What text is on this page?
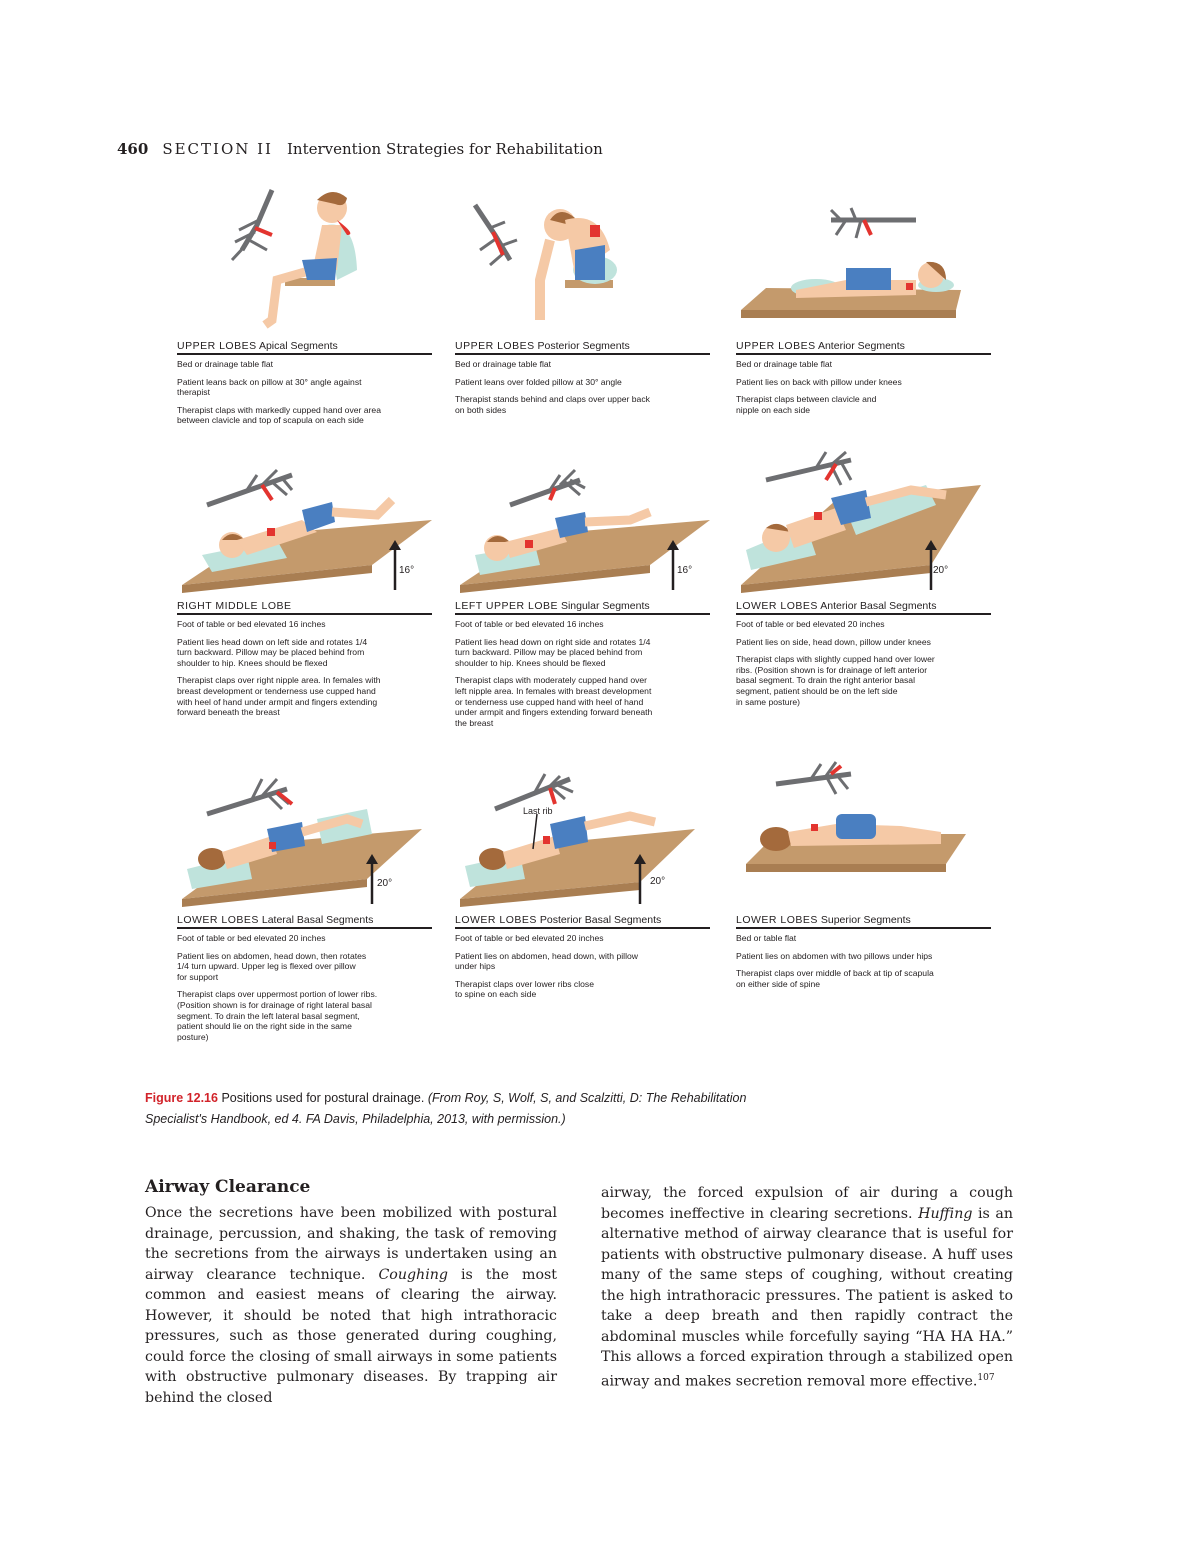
460 SECTION II Intervention Strategies for Rehabilitation
UPPER LOBES Apical Segments
Bed or drainage table flat
Patient leans back on pillow at 30° angle against
therapist
Therapist claps with markedly cupped hand over area
between clavicle and top of scapula on each side
UPPER LOBES Posterior Segments
Bed or drainage table flat
Patient leans over folded pillow at 30° angle
Therapist stands behind and claps over upper back
on both sides
UPPER LOBES Anterior Segments
Bed or drainage table flat
Patient lies on back with pillow under knees
Therapist claps between clavicle and
nipple on each side
16°
RIGHT MIDDLE LOBE
Foot of table or bed elevated 16 inches
Patient lies head down on left side and rotates 1/4
turn backward. Pillow may be placed behind from
shoulder to hip. Knees should be flexed
Therapist claps over right nipple area. In females with
breast development or tenderness use cupped hand
with heel of hand under armpit and fingers extending
forward beneath the breast
16°
LEFT UPPER LOBE Singular Segments
Foot of table or bed elevated 16 inches
Patient lies head down on right side and rotates 1/4
turn backward. Pillow may be placed behind from
shoulder to hip. Knees should be flexed
Therapist claps with moderately cupped hand over
left nipple area. In females with breast development
or tenderness use cupped hand with heel of hand
under armpit and fingers extending forward beneath
the breast
20°
LOWER LOBES Anterior Basal Segments
Foot of table or bed elevated 20 inches
Patient lies on side, head down, pillow under knees
Therapist claps with slightly cupped hand over lower
ribs. (Position shown is for drainage of left anterior
basal segment. To drain the right anterior basal
segment, patient should be on the left side
in same posture)
20°
LOWER LOBES Lateral Basal Segments
Foot of table or bed elevated 20 inches
Patient lies on abdomen, head down, then rotates
1/4 turn upward. Upper leg is flexed over pillow
for support
Therapist claps over uppermost portion of lower ribs.
(Position shown is for drainage of right lateral basal
segment. To drain the left lateral basal segment,
patient should lie on the right side in the same
posture)
Last rib
20°
LOWER LOBES Posterior Basal Segments
Foot of table or bed elevated 20 inches
Patient lies on abdomen, head down, with pillow
under hips
Therapist claps over lower ribs close
to spine on each side
LOWER LOBES Superior Segments
Bed or table flat
Patient lies on abdomen with two pillows under hips
Therapist claps over middle of back at tip of scapula
on either side of spine
Figure 12.16 Positions used for postural drainage. (From Roy, S, Wolf, S, and Scalzitti, D: The Rehabilitation Specialist's Handbook, ed 4. FA Davis, Philadelphia, 2013, with permission.)
Airway Clearance
Once the secretions have been mobilized with postural drainage, percussion, and shaking, the task of removing the secretions from the airways is undertaken using an airway clearance technique. Coughing is the most common and easiest means of clearing the airway. However, it should be noted that high intrathoracic pressures, such as those generated during coughing, could force the closing of small airways in some patients with obstructive pulmonary diseases. By trapping air behind the closed
airway, the forced expulsion of air during a cough becomes ineffective in clearing secretions. Huffing is an alternative method of airway clearance that is useful for patients with obstructive pulmonary disease. A huff uses many of the same steps of coughing, without creating the high intrathoracic pressures. The patient is asked to take a deep breath and then rapidly contract the abdominal muscles while forcefully saying “HA HA HA.” This allows a forced expiration through a stabilized open airway and makes secretion removal more effective.$^{107}$
